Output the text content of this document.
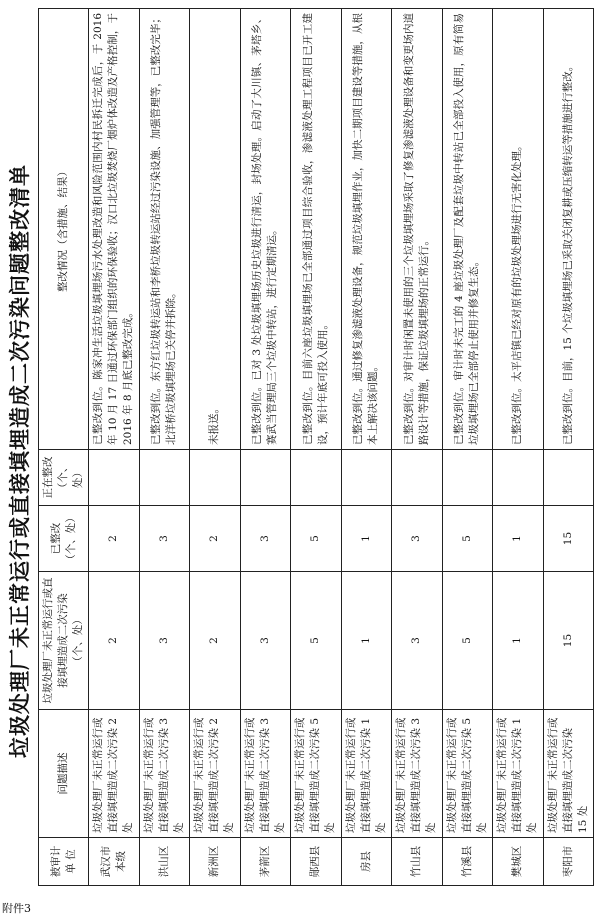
附件3
垃圾处理厂未正常运行或直接填埋造成二次污染问题整改清单
被审计单 位	问题描述	垃圾处理厂未正常运行或直接填埋造成二次污染 （个、处）	已整改 （个、处）	正在整改 （个、处）	整改情况（含措施、结果）
武汉市 本级	垃圾处理厂未正常运行或直接填埋造成二次污染 2 处	2	2		已整改到位。陈家冲生活垃圾填埋场污水处理改造和风险范围内村民拆迁完成后，于 2016 年 10 月 17 日通过环保部门组织的环保验收；汉口北垃圾焚烧厂烟炉体改造及产格控制，于 2016 年 8 月底已整改完成。
洪山区	垃圾处理厂未正常运行或直接填埋造成二次污染 3 处	3	3		已整改到位。东方红垃圾转运站和李桥垃圾转运站经过污染设施、加强管理等，已整改完毕；北洋桥垃圾填埋场已关停并拆除。
新洲区	垃圾处理厂未正常运行或直接填埋造成二次污染 2 处	2	2		未报送。
茅箭区	垃圾处理厂未正常运行或直接填埋造成二次污染 3 处	3	3		已整改到位。已对 3 处垃圾填埋场历史垃圾进行清运，封场处理。启动了大川镇、茅塔乡、赛武当管理局三个垃圾中转站，进行定期清运。
郧西县	垃圾处理厂未正常运行或直接填埋造成二次污染 5 处	5	5		已整改到位。目前六座垃圾填埋场已全部通过项目综合验收，渗滤液处理工程项目已开工建设，预计年底可投入使用。
房县	垃圾处理厂未正常运行或直接填埋造成二次污染 1 处	1	1		已整改到位。通过修复渗滤液处理设备，规范垃圾填埋作业，加快二期项目建设等措施，从根本上解决该问题。
竹山县	垃圾处理厂未正常运行或直接填埋造成二次污染 3 处	3	3		已整改到位。对审计时闲置未使用的三个垃圾填埋场采取了修复渗滤液处理设备和变更场内道路设计等措施，保证垃圾填埋场的正常运行。
竹溪县	垃圾处理厂未正常运行或直接填埋造成二次污染 5 处	5	5		已整改到位。审计时未完工的 4 座垃圾处理厂及配套垃圾中转站已全部投入使用，原有简易垃圾填埋场已全部停止使用并修复生态。
樊城区	垃圾处理厂未正常运行或直接填埋造成二次污染 1 处	1	1		已整改到位。太平店镇已经对原有的垃圾处理场进行无害化处理。
枣阳市	垃圾处理厂未正常运行或直接填埋造成二次污染 15 处	15	15		已整改到位。目前，15 个垃圾填埋场已采取关闭复耕或压缩转运等措施进行整改。
